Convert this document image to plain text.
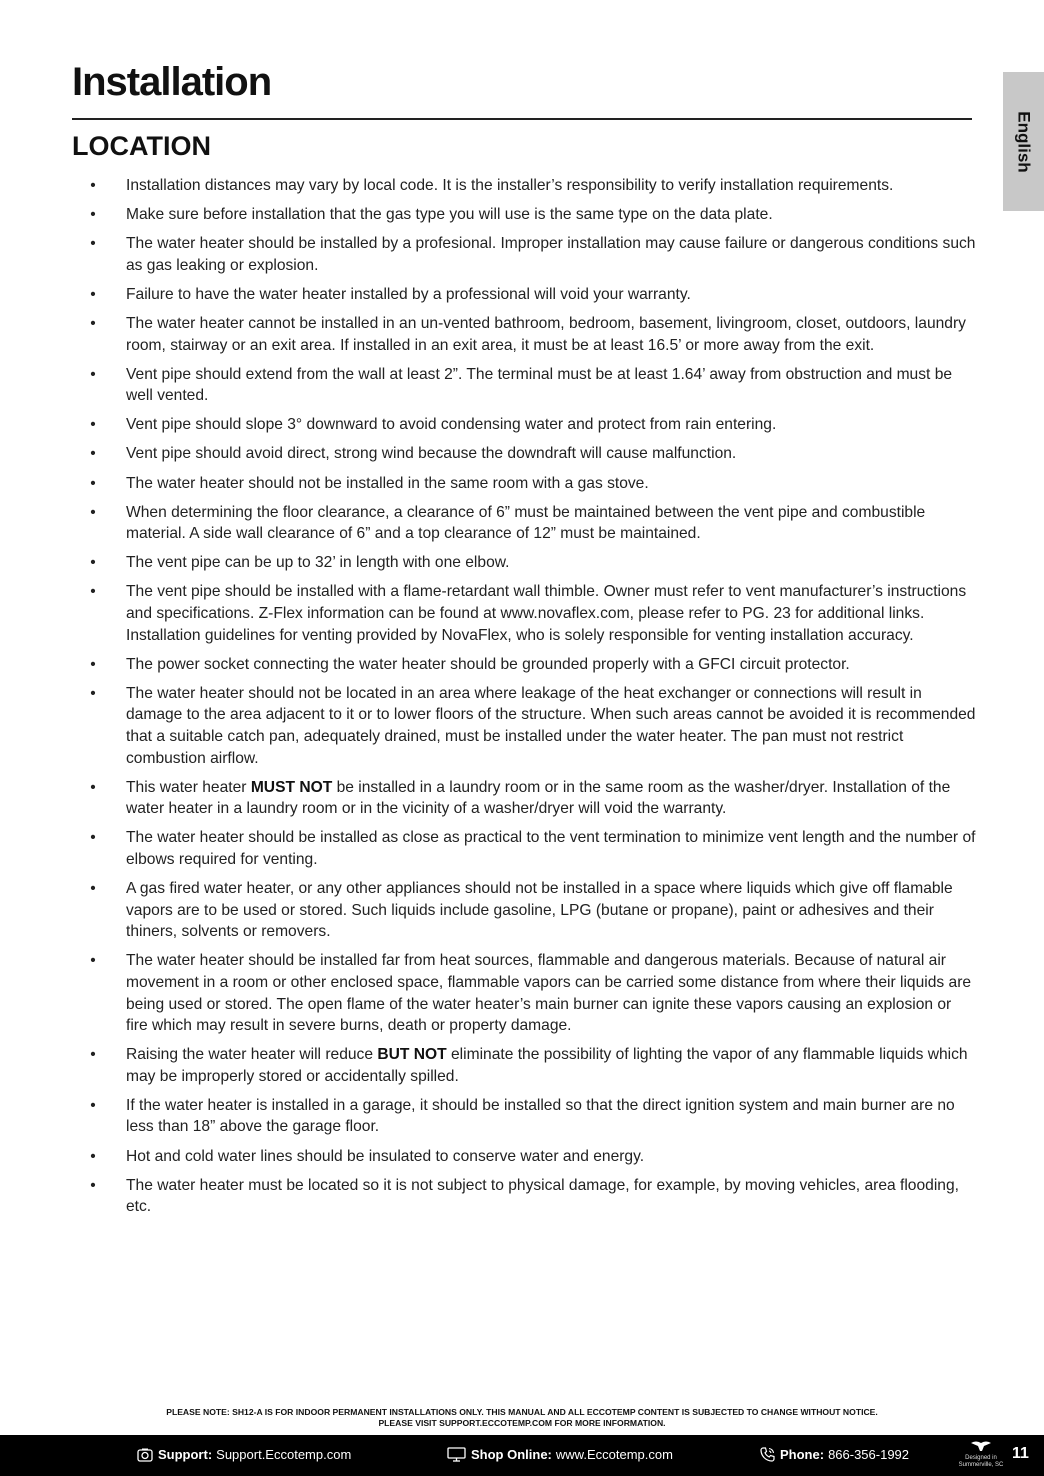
Installation
LOCATION	English
• Installation distances may vary by local code. It is the installer’s responsibility to verify installation requirements.
• Make sure before installation that the gas type you will use is the same type on the data plate.
• The water heater should be installed by a profesional. Improper installation may cause failure or dangerous conditions such as gas leaking or explosion.
• Failure to have the water heater installed by a professional will void your warranty.
• The water heater cannot be installed in an un-vented bathroom, bedroom, basement, livingroom, closet, outdoors, laundry room, stairway or an exit area. If installed in an exit area, it must be at least 16.5’ or more away from the exit.
• Vent pipe should extend from the wall at least 2”. The terminal must be at least 1.64’ away from obstruction and must be well vented.
• Vent pipe should slope 3° downward to avoid condensing water and protect from rain entering.
• Vent pipe should avoid direct, strong wind because the downdraft will cause malfunction.
• The water heater should not be installed in the same room with a gas stove.
• When determining the floor clearance, a clearance of 6” must be maintained between the vent pipe and combustible material. A side wall clearance of 6” and a top clearance of 12” must be maintained.
• The vent pipe can be up to 32’ in length with one elbow.
• The vent pipe should be installed with a flame-retardant wall thimble. Owner must refer to vent manufacturer’s instructions and specifications. Z-Flex information can be found at www.novaflex.com, please refer to PG. 23 for additional links. Installation guidelines for venting provided by NovaFlex, who is solely responsible for venting installation accuracy.
• The power socket connecting the water heater should be grounded properly with a GFCI circuit protector.
• The water heater should not be located in an area where leakage of the heat exchanger or connections will result in damage to the area adjacent to it or to lower floors of the structure. When such areas cannot be avoided it is recommended that a suitable catch pan, adequately drained, must be installed under the water heater. The pan must not restrict combustion airflow.
• This water heater MUST NOT be installed in a laundry room or in the same room as the washer/dryer. Installation of the water heater in a laundry room or in the vicinity of a washer/dryer will void the warranty.
• The water heater should be installed as close as practical to the vent termination to minimize vent length and the number of elbows required for venting.
• A gas fired water heater, or any other appliances should not be installed in a space where liquids which give off flamable vapors are to be used or stored. Such liquids include gasoline, LPG (butane or propane), paint or adhesives and their thiners, solvents or removers.
• The water heater should be installed far from heat sources, flammable and dangerous materials. Because of natural air movement in a room or other enclosed space, flammable vapors can be carried some distance from where their liquids are being used or stored. The open flame of the water heater’s main burner can ignite these vapors causing an explosion or fire which may result in severe burns, death or property damage.
• Raising the water heater will reduce BUT NOT eliminate the possibility of lighting the vapor of any flammable liquids which may be improperly stored or accidentally spilled.
• If the water heater is installed in a garage, it should be installed so that the direct ignition system and main burner are no less than 18” above the garage floor.
• Hot and cold water lines should be insulated to conserve water and energy.
• The water heater must be located so it is not subject to physical damage, for example, by moving vehicles, area flooding, etc.
PLEASE NOTE: SH12-A IS FOR INDOOR PERMANENT INSTALLATIONS ONLY. THIS MANUAL AND ALL ECCOTEMP CONTENT IS SUBJECTED TO CHANGE WITHOUT NOTICE.
PLEASE VISIT SUPPORT.ECCOTEMP.COM FOR MORE INFORMATION.
Support: Support.Eccotemp.com	Shop Online: www.Eccotemp.com	Phone: 866-356-1992	Designed in
Summerville, SC
11
